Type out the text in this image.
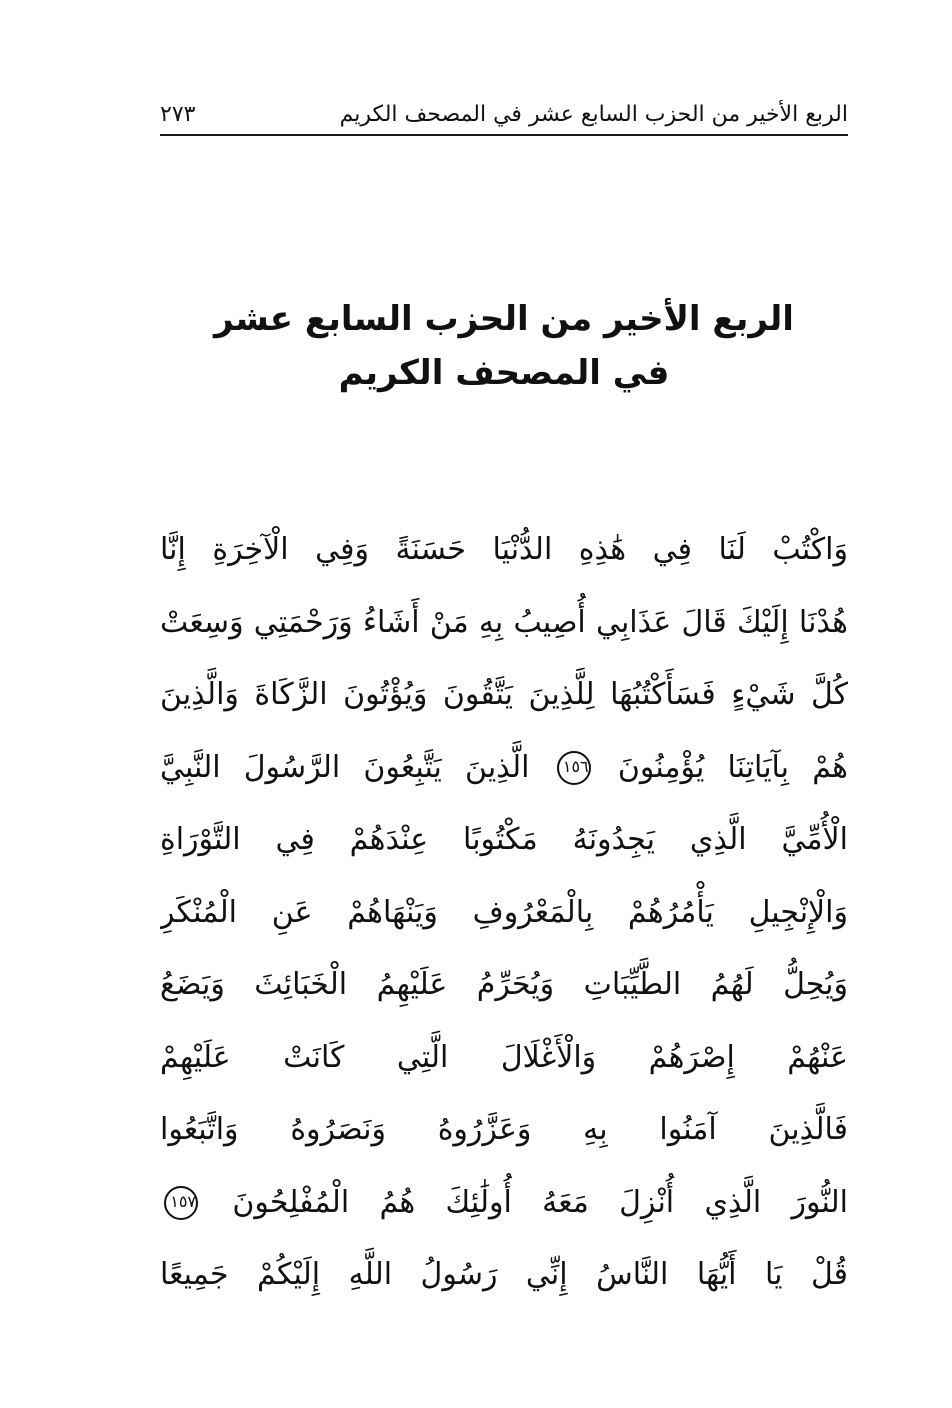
الربع الأخير من الحزب السابع عشر في المصحف الكريم
٢٧٣
الربع الأخير من الحزب السابع عشر
في المصحف الكريم
وَاكْتُبْ لَنَا فِي هَٰذِهِ الدُّنْيَا حَسَنَةً وَفِي الْآخِرَةِ إِنَّا
هُدْنَا إِلَيْكَ قَالَ عَذَابِي أُصِيبُ بِهِ مَنْ أَشَاءُ وَرَحْمَتِي وَسِعَتْ
كُلَّ شَيْءٍ فَسَأَكْتُبُهَا لِلَّذِينَ يَتَّقُونَ وَيُؤْتُونَ الزَّكَاةَ وَالَّذِينَ
هُمْ بِآيَاتِنَا يُؤْمِنُونَ ١٥٦ الَّذِينَ يَتَّبِعُونَ الرَّسُولَ النَّبِيَّ
الْأُمِّيَّ الَّذِي يَجِدُونَهُ مَكْتُوبًا عِنْدَهُمْ فِي التَّوْرَاةِ
وَالْإِنْجِيلِ يَأْمُرُهُمْ بِالْمَعْرُوفِ وَيَنْهَاهُمْ عَنِ الْمُنْكَرِ
وَيُحِلُّ لَهُمُ الطَّيِّبَاتِ وَيُحَرِّمُ عَلَيْهِمُ الْخَبَائِثَ وَيَضَعُ
عَنْهُمْ إِصْرَهُمْ وَالْأَغْلَالَ الَّتِي كَانَتْ عَلَيْهِمْ
فَالَّذِينَ آمَنُوا بِهِ وَعَزَّرُوهُ وَنَصَرُوهُ وَاتَّبَعُوا
النُّورَ الَّذِي أُنْزِلَ مَعَهُ أُولَٰئِكَ هُمُ الْمُفْلِحُونَ ١٥٧
قُلْ يَا أَيُّهَا النَّاسُ إِنِّي رَسُولُ اللَّهِ إِلَيْكُمْ جَمِيعًا
